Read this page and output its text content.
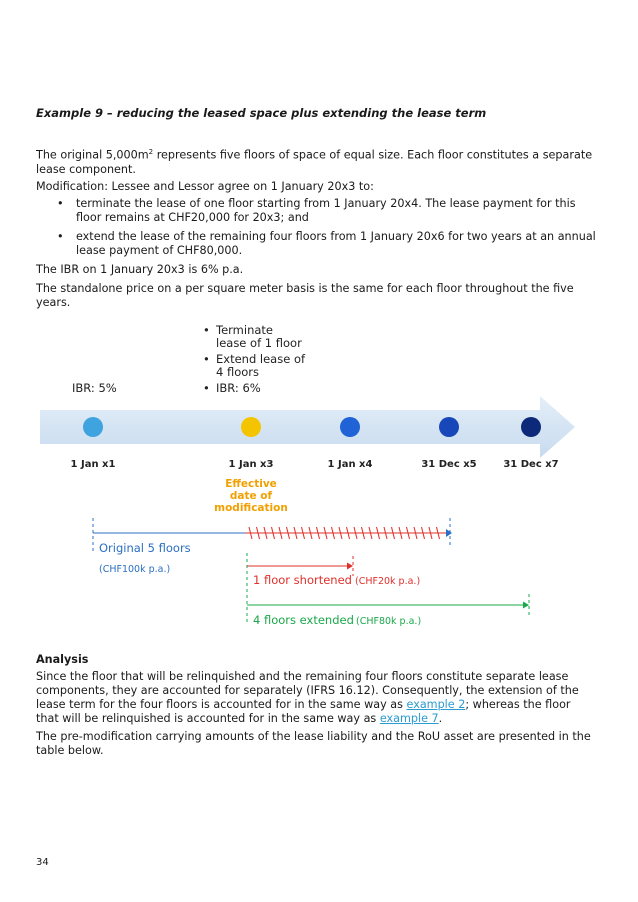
Example 9 – reducing the leased space plus extending the lease term

The original $5,000m^2$ represents five floors of space of equal size. Each floor constitutes a separate lease component.

Modification: Lessee and Lessor agree on 1 January 20x3 to:

• terminate the lease of one floor starting from 1 January 20x4. The lease payment for this floor remains at CHF20,000 for 20x3; and
• extend the lease of the remaining four floors from 1 January 20x6 for two years at an annual lease payment of CHF80,000.

The IBR on 1 January 20x3 is 6% p.a.

The standalone price on a per square meter basis is the same for each floor throughout the five years.

• Terminate
lease of 1 floor
• Extend lease of
4 floors
• IBR: 6%
IBR: 5%
1 Jan x1	1 Jan x3	1 Jan x4	31 Dec x5	31 Dec x7
Effective
date of
modification
Original 5 floors
(CHF100k p.a.)
1 floor shortened (CHF20k p.a.)
4 floors extended (CHF80k p.a.)
Analysis

Since the floor that will be relinquished and the remaining four floors constitute separate lease components, they are accounted for separately (IFRS 16.12). Consequently, the extension of the lease term for the four floors is accounted for in the same way as example 2; whereas the floor that will be relinquished is accounted for in the same way as example 7.

The pre-modification carrying amounts of the lease liability and the RoU asset are presented in the table below.

34
